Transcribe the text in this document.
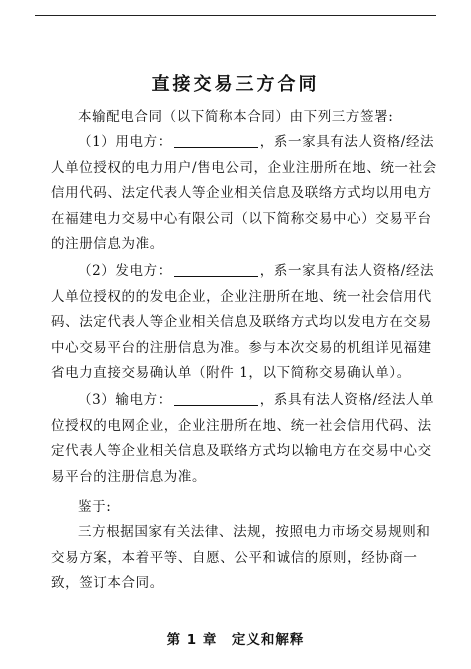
直接交易三方合同
本输配电合同（以下简称本合同）由下列三方签署:

（1）用电方：	，系一家具有法人资格/经法人单位授权的电力用户/售电公司，企业注册所在地、统一社会信用代码、法定代表人等企业相关信息及联络方式均以用电方在福建电力交易中心有限公司（以下简称交易中心）交易平台的注册信息为准。

（2）发电方：	，系一家具有法人资格/经法人单位授权的的发电企业，企业注册所在地、统一社会信用代码、法定代表人等企业相关信息及联络方式均以发电方在交易中心交易平台的注册信息为准。参与本次交易的机组详见福建省电力直接交易确认单（附件 1，以下简称交易确认单）。

（3）输电方：	，系具有法人资格/经法人单位授权的电网企业，企业注册所在地、统一社会信用代码、法定代表人等企业相关信息及联络方式均以输电方在交易中心交易平台的注册信息为准。

鉴于:
三方根据国家有关法律、法规，按照电力市场交易规则和交易方案，本着平等、自愿、公平和诚信的原则，经协商一致，签订本合同。
第 1 章　定义和解释
